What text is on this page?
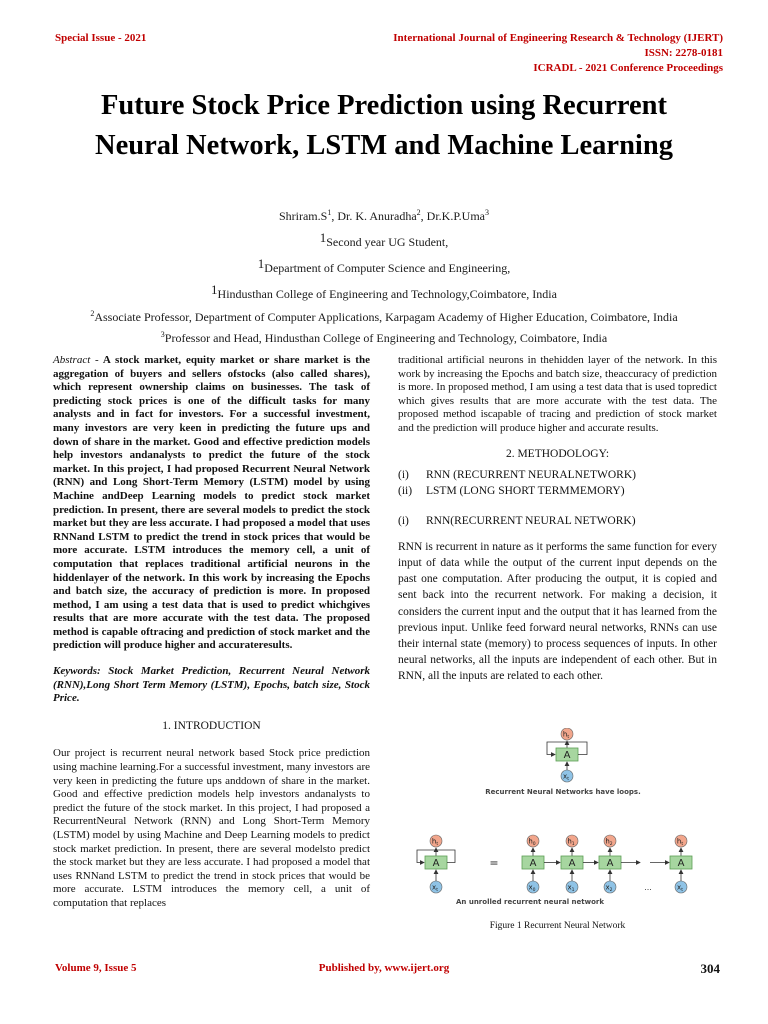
Special Issue - 2021	International Journal of Engineering Research & Technology (IJERT)
ISSN: 2278-0181
ICRADL - 2021 Conference Proceedings
Future Stock Price Prediction using Recurrent
Neural Network, LSTM and Machine Learning
$Shriram.S^1$, Dr. K. Anuradha$^2$, Dr.K.P.Uma$^3$
1Second year UG Student,
1Department of Computer Science and Engineering,
1Hindusthan College of Engineering and Technology,Coimbatore, India
$^2$Associate Professor, Department of Computer Applications, Karpagam Academy of Higher Education, Coimbatore, India
$^3$Professor and Head, Hindusthan College of Engineering and Technology, Coimbatore, India
Abstract - A stock market, equity market or share market is the aggregation of buyers and sellers ofstocks (also called shares), which represent ownership claims on businesses. The task of predicting stock prices is one of the difficult tasks for many analysts and in fact for investors. For a successful investment, many investors are very keen in predicting the future ups and down of share in the market. Good and effective prediction models help investors andanalysts to predict the future of the stock market. In this project, I had proposed Recurrent Neural Network (RNN) and Long Short-Term Memory (LSTM) model by using Machine andDeep Learning models to predict stock market prediction. In present, there are several models to predict the stock market but they are less accurate. I had proposed a model that uses RNNand LSTM to predict the trend in stock prices that would be more accurate. LSTM introduces the memory cell, a unit of computation that replaces traditional artificial neurons in the hiddenlayer of the network. In this work by increasing the Epochs and batch size, the accuracy of prediction is more. In proposed method, I am using a test data that is used to predict whichgives results that are more accurate with the test data. The proposed method is capable oftracing and prediction of stock market and the prediction will produce higher and accurateresults.
Keywords: Stock Market Prediction, Recurrent Neural Network (RNN),Long Short Term Memory (LSTM), Epochs, batch size, Stock Price.
1. INTRODUCTION

Our project is recurrent neural network based Stock price prediction using machine learning.For a successful investment, many investors are very keen in predicting the future ups anddown of share in the market. Good and effective prediction models help investors andanalysts to predict the future of the stock market. In this project, I had proposed a RecurrentNeural Network (RNN) and Long Short-Term Memory (LSTM) model by using Machine and Deep Learning models to predict stock market prediction. In present, there are several modelsto predict the stock market but they are less accurate. I had proposed a model that uses RNNand LSTM to predict the trend in stock prices that would be more accurate. LSTM introduces the memory cell, a unit of computation that replaces

traditional artificial neurons in thehidden layer of the network. In this work by increasing the Epochs and batch size, theaccuracy of prediction is more. In proposed method, I am using a test data that is used topredict which gives results that are more accurate with the test data. The proposed method iscapable of tracing and prediction of stock market and the prediction will produce higher and accurate results.
2. METHODOLOGY:
(i)	RNN (RECURRENT NEURALNETWORK)
(ii)	LSTM (LONG SHORT TERMMEMORY)
(i)	RNN(RECURRENT NEURAL NETWORK)
RNN is recurrent in nature as it performs the same function for every input of data while the output of the current input depends on the past one computation. After producing the output, it is copied and sent back into the recurrent network. For making a decision, it considers the current input and the output that it has learned from the previous input. Unlike feed forward neural networks, RNNs can use their internal state (memory) to process sequences of inputs. In other neural networks, all the inputs are independent of each other. But in RNN, all the inputs are related to each other.
$h_t$
A
$x_t$
Recurrent Neural Networks have loops.
$h_t$
A
$x_t$
$h_0$
A
$x_0$
$h_1$
A
$x_1$
$h_2$
A
$x_2$
$h_t$
A
$x_t$
=
...
An unrolled recurrent neural network
Figure 1 Recurrent Neural Network
Volume 9, Issue 5	Published by, www.ijert.org	304
